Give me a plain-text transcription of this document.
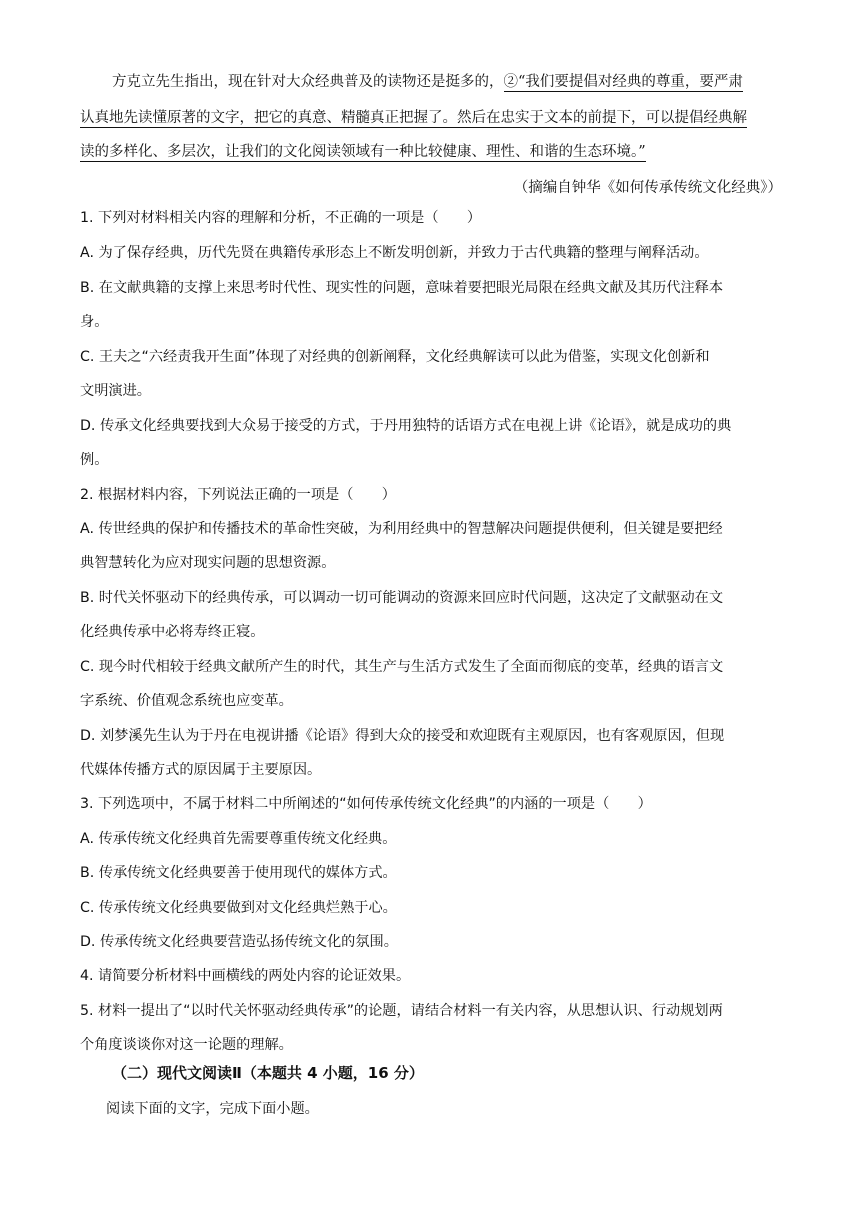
方克立先生指出，现在针对大众经典普及的读物还是挺多的，②“我们要提倡对经典的尊重，要严肃
认真地先读懂原著的文字，把它的真意、精髓真正把握了。然后在忠实于文本的前提下，可以提倡经典解
读的多样化、多层次，让我们的文化阅读领域有一种比较健康、理性、和谐的生态环境。”
（摘编自钟华《如何传承传统文化经典》）
1. 下列对材料相关内容的理解和分析，不正确的一项是（　　）
A. 为了保存经典，历代先贤在典籍传承形态上不断发明创新，并致力于古代典籍的整理与阐释活动。
B. 在文献典籍的支撑上来思考时代性、现实性的问题，意味着要把眼光局限在经典文献及其历代注释本
身。
C. 王夫之“六经责我开生面”体现了对经典的创新阐释，文化经典解读可以此为借鉴，实现文化创新和
文明演进。
D. 传承文化经典要找到大众易于接受的方式，于丹用独特的话语方式在电视上讲《论语》，就是成功的典
例。
2. 根据材料内容，下列说法正确的一项是（　　）
A. 传世经典的保护和传播技术的革命性突破，为利用经典中的智慧解决问题提供便利，但关键是要把经
典智慧转化为应对现实问题的思想资源。
B. 时代关怀驱动下的经典传承，可以调动一切可能调动的资源来回应时代问题，这决定了文献驱动在文
化经典传承中必将寿终正寝。
C. 现今时代相较于经典文献所产生的时代，其生产与生活方式发生了全面而彻底的变革，经典的语言文
字系统、价值观念系统也应变革。
D. 刘梦溪先生认为于丹在电视讲播《论语》得到大众的接受和欢迎既有主观原因，也有客观原因，但现
代媒体传播方式的原因属于主要原因。
3. 下列选项中，不属于材料二中所阐述的“如何传承传统文化经典”的内涵的一项是（　　）
A. 传承传统文化经典首先需要尊重传统文化经典。
B. 传承传统文化经典要善于使用现代的媒体方式。
C. 传承传统文化经典要做到对文化经典烂熟于心。
D. 传承传统文化经典要营造弘扬传统文化的氛围。
4. 请简要分析材料中画横线的两处内容的论证效果。
5. 材料一提出了“以时代关怀驱动经典传承”的论题，请结合材料一有关内容，从思想认识、行动规划两
个角度谈谈你对这一论题的理解。
（二）现代文阅读Ⅱ（本题共 4 小题，16 分）
阅读下面的文字，完成下面小题。
